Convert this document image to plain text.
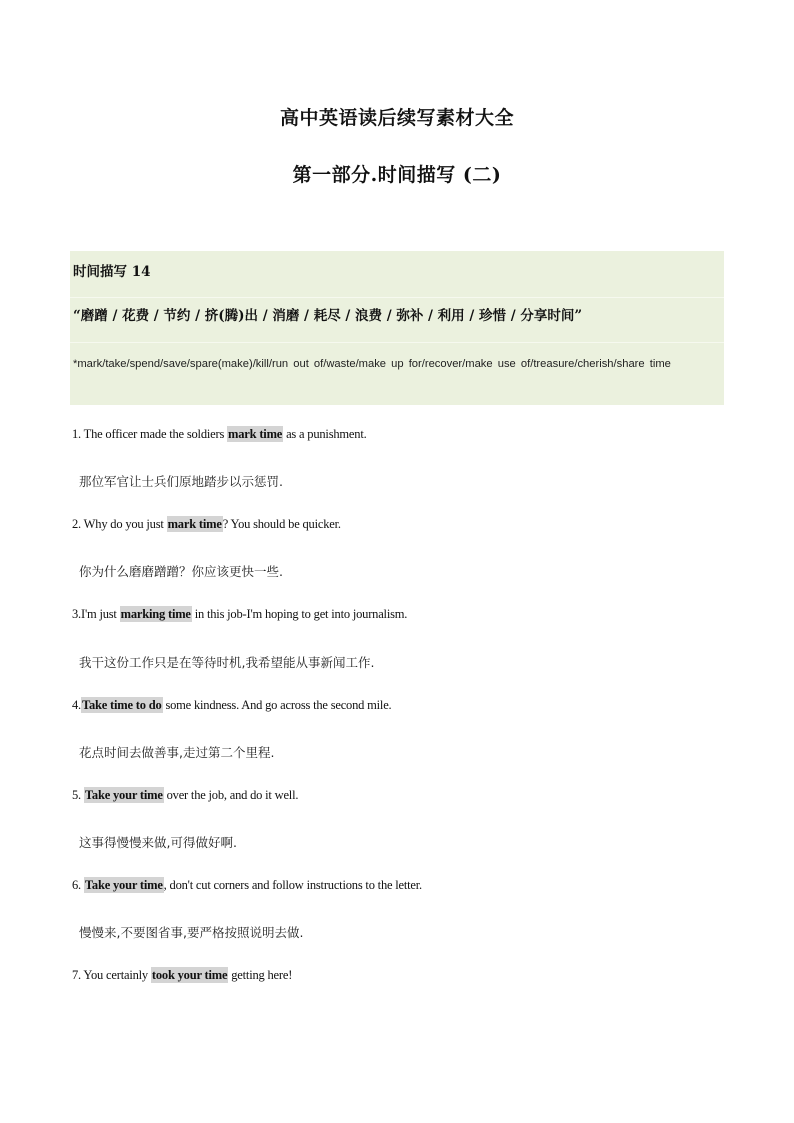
高中英语读后续写素材大全
第一部分.时间描写 (二)
时间描写 14
“磨蹭 / 花费 / 节约 / 挤(腾)出 / 消磨 / 耗尽 / 浪费 / 弥补 / 利用 / 珍惜 / 分享时间”
*mark/take/spend/save/spare(make)/kill/run out of/waste/make up for/recover/make use of/treasure/cherish/share time
1. The officer made the soldiers mark time as a punishment.
那位军官让士兵们原地踏步以示惩罚.
2. Why do you just mark time? You should be quicker.
你为什么磨磨蹭蹭？你应该更快一些.
3.I'm just marking time in this job-I'm hoping to get into journalism.
我干这份工作只是在等待时机,我希望能从事新闻工作.
4.Take time to do some kindness. And go across the second mile.
花点时间去做善事,走过第二个里程.
5. Take your time over the job, and do it well.
这事得慢慢来做,可得做好啊.
6. Take your time, don't cut corners and follow instructions to the letter.
慢慢来,不要图省事,要严格按照说明去做.
7. You certainly took your time getting here!
